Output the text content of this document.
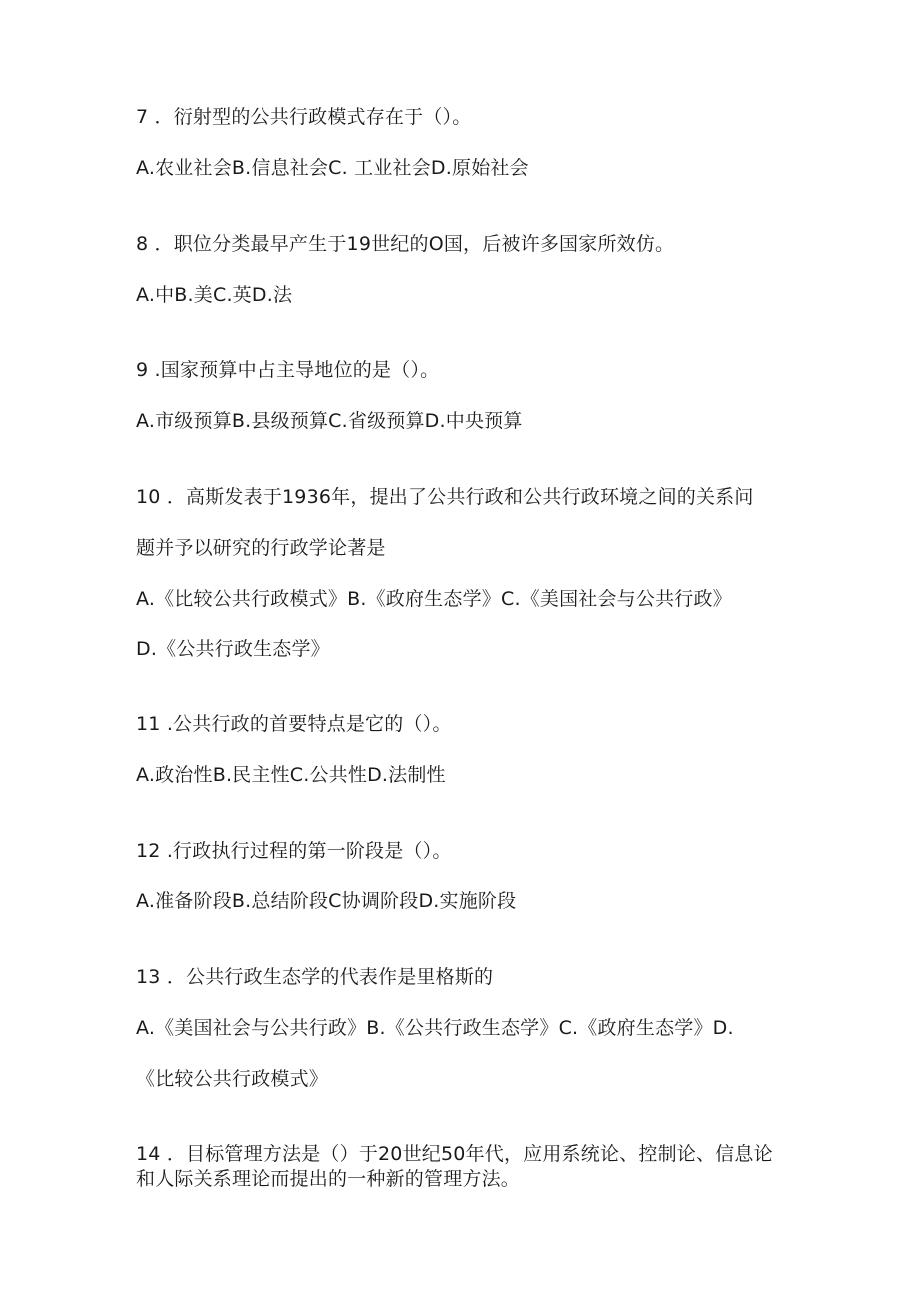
7 ．衍射型的公共行政模式存在于（）。
A.农业社会B.信息社会C. 工业社会D.原始社会
8 ．职位分类最早产生于19世纪的O国，后被许多国家所效仿。
A.中B.美C.英D.法
9 .国家预算中占主导地位的是（）。
A.市级预算B.县级预算C.省级预算D.中央预算
10 ．高斯发表于1936年，提出了公共行政和公共行政环境之间的关系问
题并予以研究的行政学论著是
A.《比较公共行政模式》B.《政府生态学》C.《美国社会与公共行政》
D.《公共行政生态学》
11 .公共行政的首要特点是它的（）。
A.政治性B.民主性C.公共性D.法制性
12 .行政执行过程的第一阶段是（）。
A.准备阶段B.总结阶段C协调阶段D.实施阶段
13 ．公共行政生态学的代表作是里格斯的
A.《美国社会与公共行政》B.《公共行政生态学》C.《政府生态学》D.
《比较公共行政模式》
14 ．目标管理方法是（）于20世纪50年代，应用系统论、控制论、信息论
和人际关系理论而提出的一种新的管理方法。
